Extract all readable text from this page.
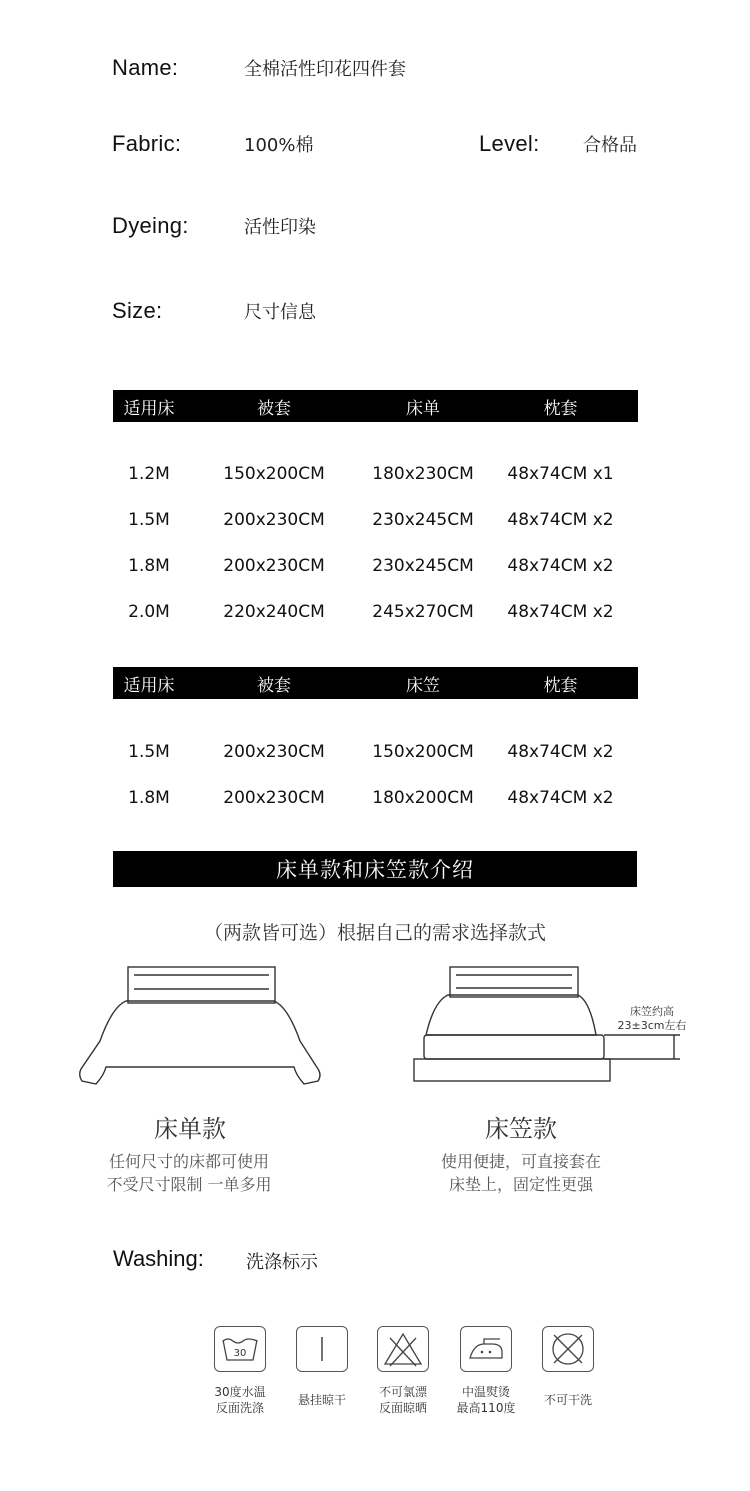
Name:	全棉活性印花四件套
Fabric:	100%棉	Level:	合格品
Dyeing:	活性印染
Size:	尺寸信息
适用床	被套	床单	枕套
1.2M	150x200CM	180x230CM	48x74CM x1
1.5M	200x230CM	230x245CM	48x74CM x2
1.8M	200x230CM	230x245CM	48x74CM x2
2.0M	220x240CM	245x270CM	48x74CM x2
适用床	被套	床笠	枕套
1.5M	200x230CM	150x200CM	48x74CM x2
1.8M	200x230CM	180x200CM	48x74CM x2
床单款和床笠款介绍
（两款皆可选）根据自己的需求选择款式
床笠约高
23±3cm左右
床单款
任何尺寸的床都可使用
不受尺寸限制 一单多用
床笠款
使用便捷，可直接套在
床垫上，固定性更强
Washing: 洗涤标示
30
30度水温
反面洗涤
悬挂晾干
不可氯漂
反面晾晒
中温熨烫
最高110度
不可干洗
